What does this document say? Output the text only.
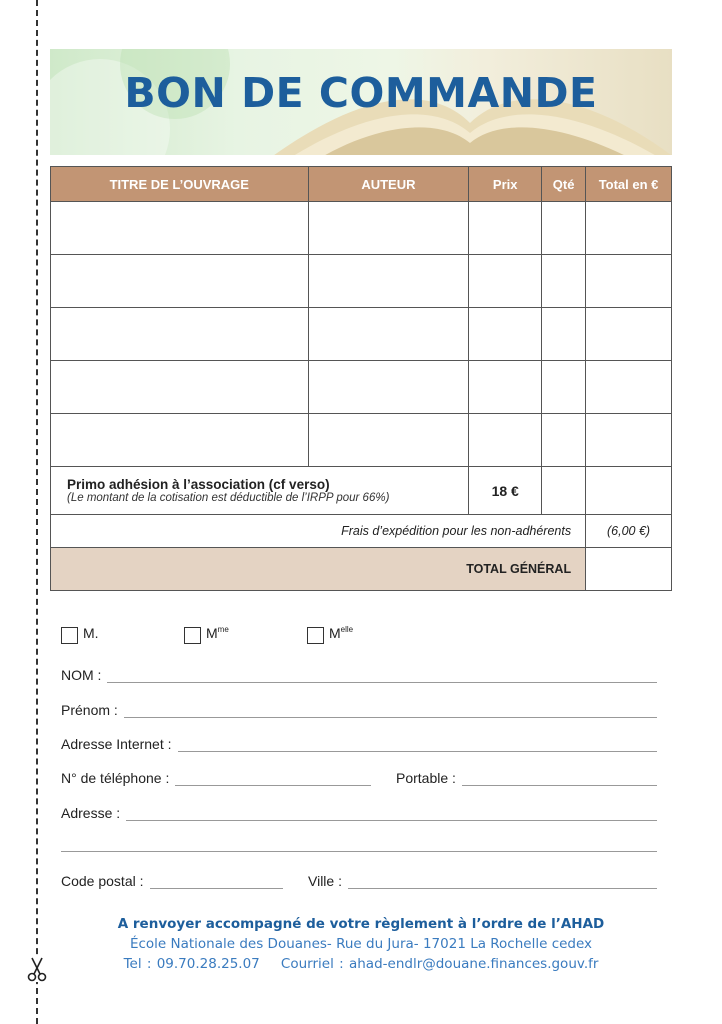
BON DE COMMANDE
TITRE DE L’OUVRAGE	AUTEUR	Prix	Qté	Total en €

Primo adhésion à l’association (cf verso)
(Le montant de la cotisation est déductible de l’IRPP pour 66%)		18 €		
Frais d’expédition pour les non-adhérents				(6,00 €)
TOTAL GÉNÉRAL				
M.	$M^{me}$	$M^{elle}$
NOM :
Prénom :
Adresse Internet :
N° de téléphone :	Portable :
Adresse :
Code postal :	Ville :
A renvoyer accompagné de votre règlement à l’ordre de l’AHAD
École Nationale des Douanes- Rue du Jura- 17021 La Rochelle cedex
Tel : 09.70.28.25.07    Courriel : ahad-endlr@douane.finances.gouv.fr
